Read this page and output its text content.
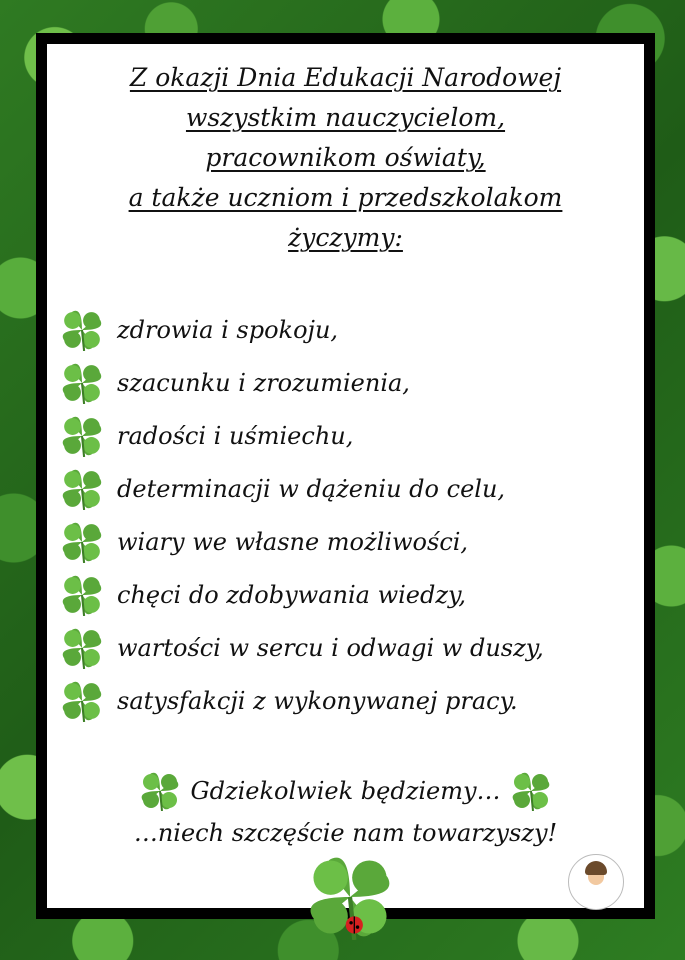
Z okazji Dnia Edukacji Narodowej
wszystkim nauczycielom,
pracownikom oświaty,
a także uczniom i przedszkolakom
życzymy:
zdrowia i spokoju,
szacunku i zrozumienia,
radości i uśmiechu,
determinacji w dążeniu do celu,
wiary we własne możliwości,
chęci do zdobywania wiedzy,
wartości w sercu i odwagi w duszy,
satysfakcji z wykonywanej pracy.
Gdziekolwiek będziemy…
…niech szczęście nam towarzyszy!
